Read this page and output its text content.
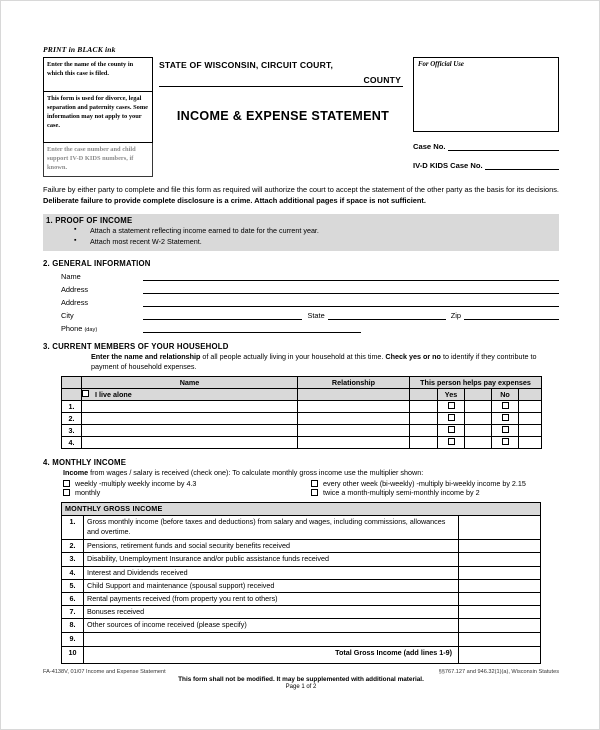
PRINT in BLACK ink
Enter the name of the county in which this case is filed.
This form is used for divorce, legal separation and paternity cases. Some information may not apply to your case.
Enter the case number and child support IV-D KIDS numbers, if known.
STATE OF WISCONSIN, CIRCUIT COURT,
COUNTY
INCOME & EXPENSE STATEMENT
For Official Use
Case No.
IV-D KIDS Case No.
Failure by either party to complete and file this form as required will authorize the court to accept the statement of the other party as the basis for its decisions. Deliberate failure to provide complete disclosure is a crime. Attach additional pages if space is not sufficient.
1. PROOF OF INCOME
▪ Attach a statement reflecting income earned to date for the current year.
▪ Attach most recent W-2 Statement.
2. GENERAL INFORMATION
Name
Address
Address
City	State	Zip
Phone (day)
3. CURRENT MEMBERS OF YOUR HOUSEHOLD
Enter the name and relationship of all people actually living in your household at this time. Check yes or no to identify if they contribute to payment of household expenses.
	Name	Relationship	This person helps pay expenses				
	I live alone			Yes		No	
1.							
2.							
3.							
4.							
4. MONTHLY INCOME
Income from wages / salary is received (check one): To calculate monthly gross income use the multiplier shown:
weekly -multiply weekly income by 4.3	every other week (bi-weekly) -multiply bi-weekly income by 2.15
monthly	twice a month-multiply semi-monthly income by 2
MONTHLY GROSS INCOME		
1.	Gross monthly income (before taxes and deductions) from salary and wages, including commissions, allowances and overtime.	
2.	Pensions, retirement funds and social security benefits received	
3.	Disability, Unemployment Insurance and/or public assistance funds received	
4.	Interest and Dividends received	
5.	Child Support and maintenance (spousal support) received	
6.	Rental payments received (from property you rent to others)	
7.	Bonuses received	
8.	Other sources of income received (please specify)	
9.		
10	Total Gross Income (add lines 1-9)	
FA-4138V, 01/07 Income and Expense Statement	§§767.127 and 946.32(1)(a), Wisconsin Statutes
This form shall not be modified. It may be supplemented with additional material.
Page 1 of 2
